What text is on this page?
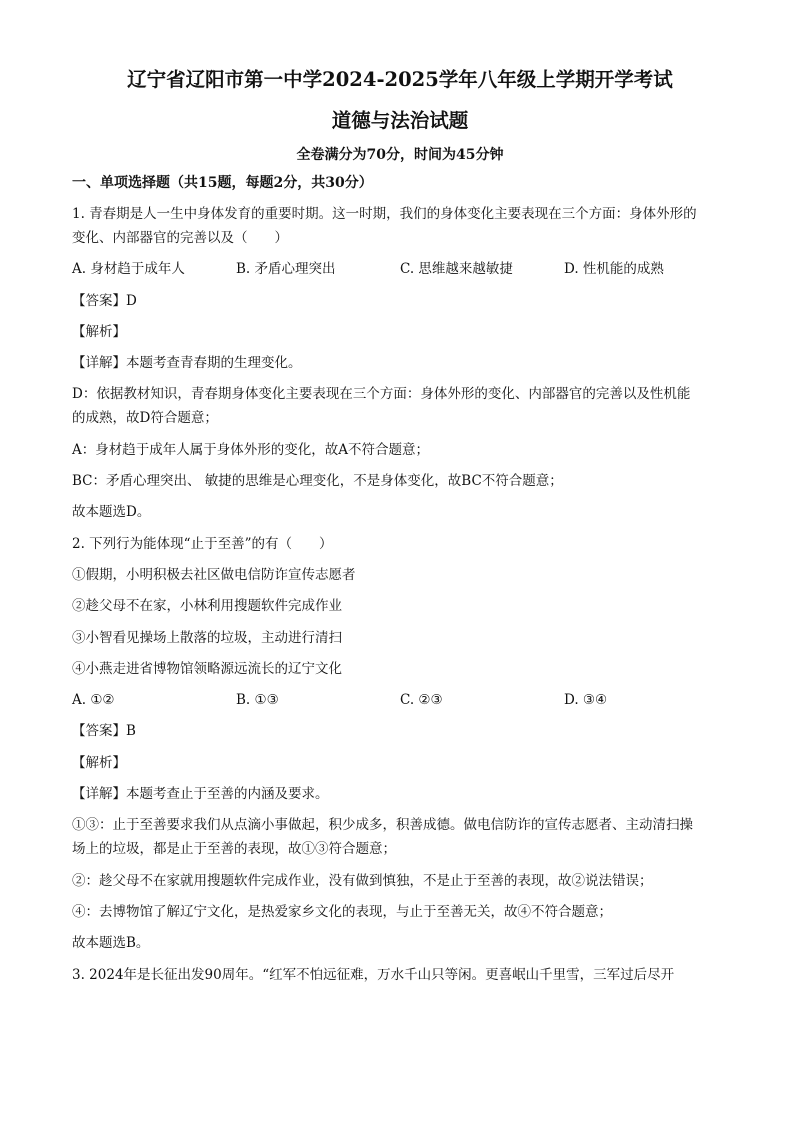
辽宁省辽阳市第一中学2024-2025学年八年级上学期开学考试

道德与法治试题

全卷满分为70分，时间为45分钟

一、单项选择题（共15题，每题2分，共30分）

1. 青春期是人一生中身体发育的重要时期。这一时期，我们的身体变化主要表现在三个方面：身体外形的

变化、内部器官的完善以及（　　）

A. 身材趋于成年人	B. 矛盾心理突出	C. 思维越来越敏捷	D. 性机能的成熟

【答案】D

【解析】

【详解】本题考查青春期的生理变化。

D：依据教材知识，青春期身体变化主要表现在三个方面：身体外形的变化、内部器官的完善以及性机能

的成熟，故D符合题意；

A：身材趋于成年人属于身体外形的变化，故A不符合题意；

BC：矛盾心理突出、 敏捷的思维是心理变化，不是身体变化，故BC不符合题意；

故本题选D。

2. 下列行为能体现“止于至善”的有（　　）

①假期，小明积极去社区做电信防诈宣传志愿者

②趁父母不在家，小林利用搜题软件完成作业

③小智看见操场上散落的垃圾，主动进行清扫

④小燕走进省博物馆领略源远流长的辽宁文化

A. ①②	B. ①③	C. ②③	D. ③④

【答案】B

【解析】

【详解】本题考查止于至善的内涵及要求。

①③：止于至善要求我们从点滴小事做起，积少成多，积善成德。做电信防诈的宣传志愿者、主动清扫操

场上的垃圾，都是止于至善的表现，故①③符合题意；

②：趁父母不在家就用搜题软件完成作业，没有做到慎独，不是止于至善的表现，故②说法错误；

④：去博物馆了解辽宁文化，是热爱家乡文化的表现，与止于至善无关，故④不符合题意；

故本题选B。

3. 2024年是长征出发90周年。“红军不怕远征难，万水千山只等闲。更喜岷山千里雪，三军过后尽开
